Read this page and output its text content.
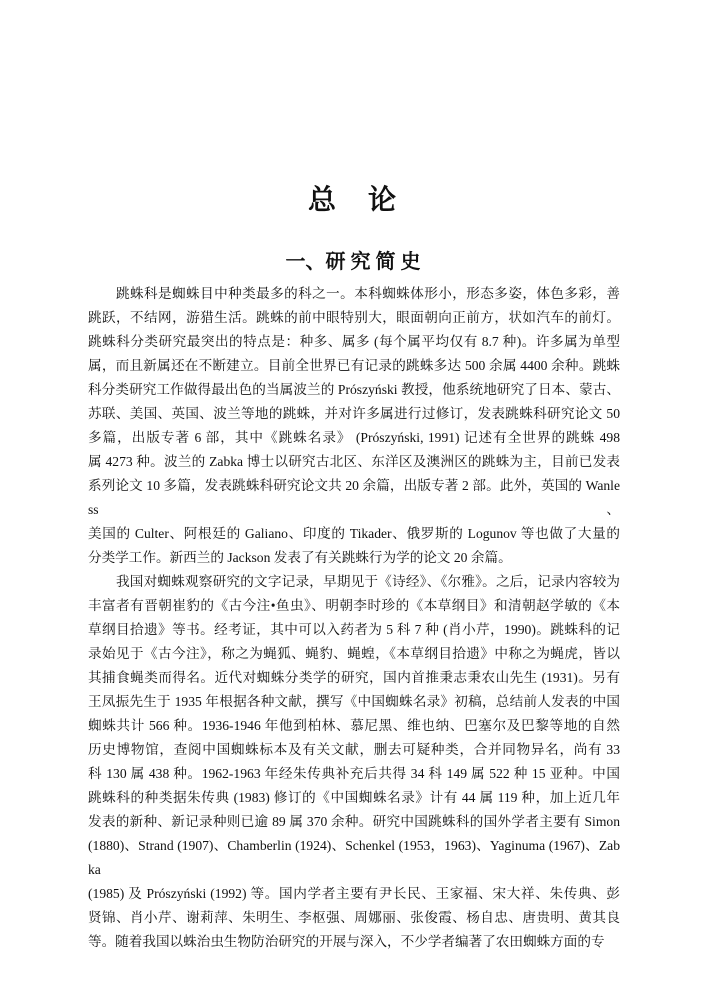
总　论
一、研 究 简 史
跳蛛科是蜘蛛目中种类最多的科之一。本科蜘蛛体形小，形态多姿，体色多彩，善
跳跃，不结网，游猎生活。跳蛛的前中眼特别大，眼面朝向正前方，状如汽车的前灯。
跳蛛科分类研究最突出的特点是：种多、属多 (每个属平均仅有 8.7 种)。许多属为单型
属，而且新属还在不断建立。目前全世界已有记录的跳蛛多达 500 余属 4400 余种。跳蛛
科分类研究工作做得最出色的当属波兰的 Prószyński 教授，他系统地研究了日本、蒙古、
苏联、美国、英国、波兰等地的跳蛛，并对许多属进行过修订，发表跳蛛科研究论文 50
多篇，出版专著 6 部，其中《跳蛛名录》 (Prószyński, 1991) 记述有全世界的跳蛛 498
属 4273 种。波兰的 Zabka 博士以研究古北区、东洋区及澳洲区的跳蛛为主，目前已发表
系列论文 10 多篇，发表跳蛛科研究论文共 20 余篇，出版专著 2 部。此外，英国的 Wanless、
美国的 Culter、阿根廷的 Galiano、印度的 Tikader、俄罗斯的 Logunov 等也做了大量的
分类学工作。新西兰的 Jackson 发表了有关跳蛛行为学的论文 20 余篇。
我国对蜘蛛观察研究的文字记录，早期见于《诗经》、《尔雅》。之后，记录内容较为
丰富者有晋朝崔豹的《古今注•鱼虫》、明朝李时珍的《本草纲目》和清朝赵学敏的《本
草纲目拾遗》等书。经考证，其中可以入药者为 5 科 7 种 (肖小芹，1990)。跳蛛科的记
录始见于《古今注》，称之为蝇狐、蝇豹、蝇蝗，《本草纲目拾遗》中称之为蝇虎，皆以
其捕食蝇类而得名。近代对蜘蛛分类学的研究，国内首推秉志秉农山先生 (1931)。另有
王凤振先生于 1935 年根据各种文献，撰写《中国蜘蛛名录》初稿，总结前人发表的中国
蜘蛛共计 566 种。1936-1946 年他到柏林、慕尼黑、维也纳、巴塞尔及巴黎等地的自然
历史博物馆，查阅中国蜘蛛标本及有关文献，删去可疑种类，合并同物异名，尚有 33
科 130 属 438 种。1962-1963 年经朱传典补充后共得 34 科 149 属 522 种 15 亚种。中国
跳蛛科的种类据朱传典 (1983) 修订的《中国蜘蛛名录》计有 44 属 119 种，加上近几年
发表的新种、新记录种则已逾 89 属 370 余种。研究中国跳蛛科的国外学者主要有 Simon
(1880)、Strand (1907)、Chamberlin (1924)、Schenkel (1953，1963)、Yaginuma (1967)、Zabka
(1985) 及 Prószyński (1992) 等。国内学者主要有尹长民、王家福、宋大祥、朱传典、彭
贤锦、肖小芹、谢莉萍、朱明生、李枢强、周娜丽、张俊霞、杨自忠、唐贵明、黄其良
等。随着我国以蛛治虫生物防治研究的开展与深入，不少学者编著了农田蜘蛛方面的专
